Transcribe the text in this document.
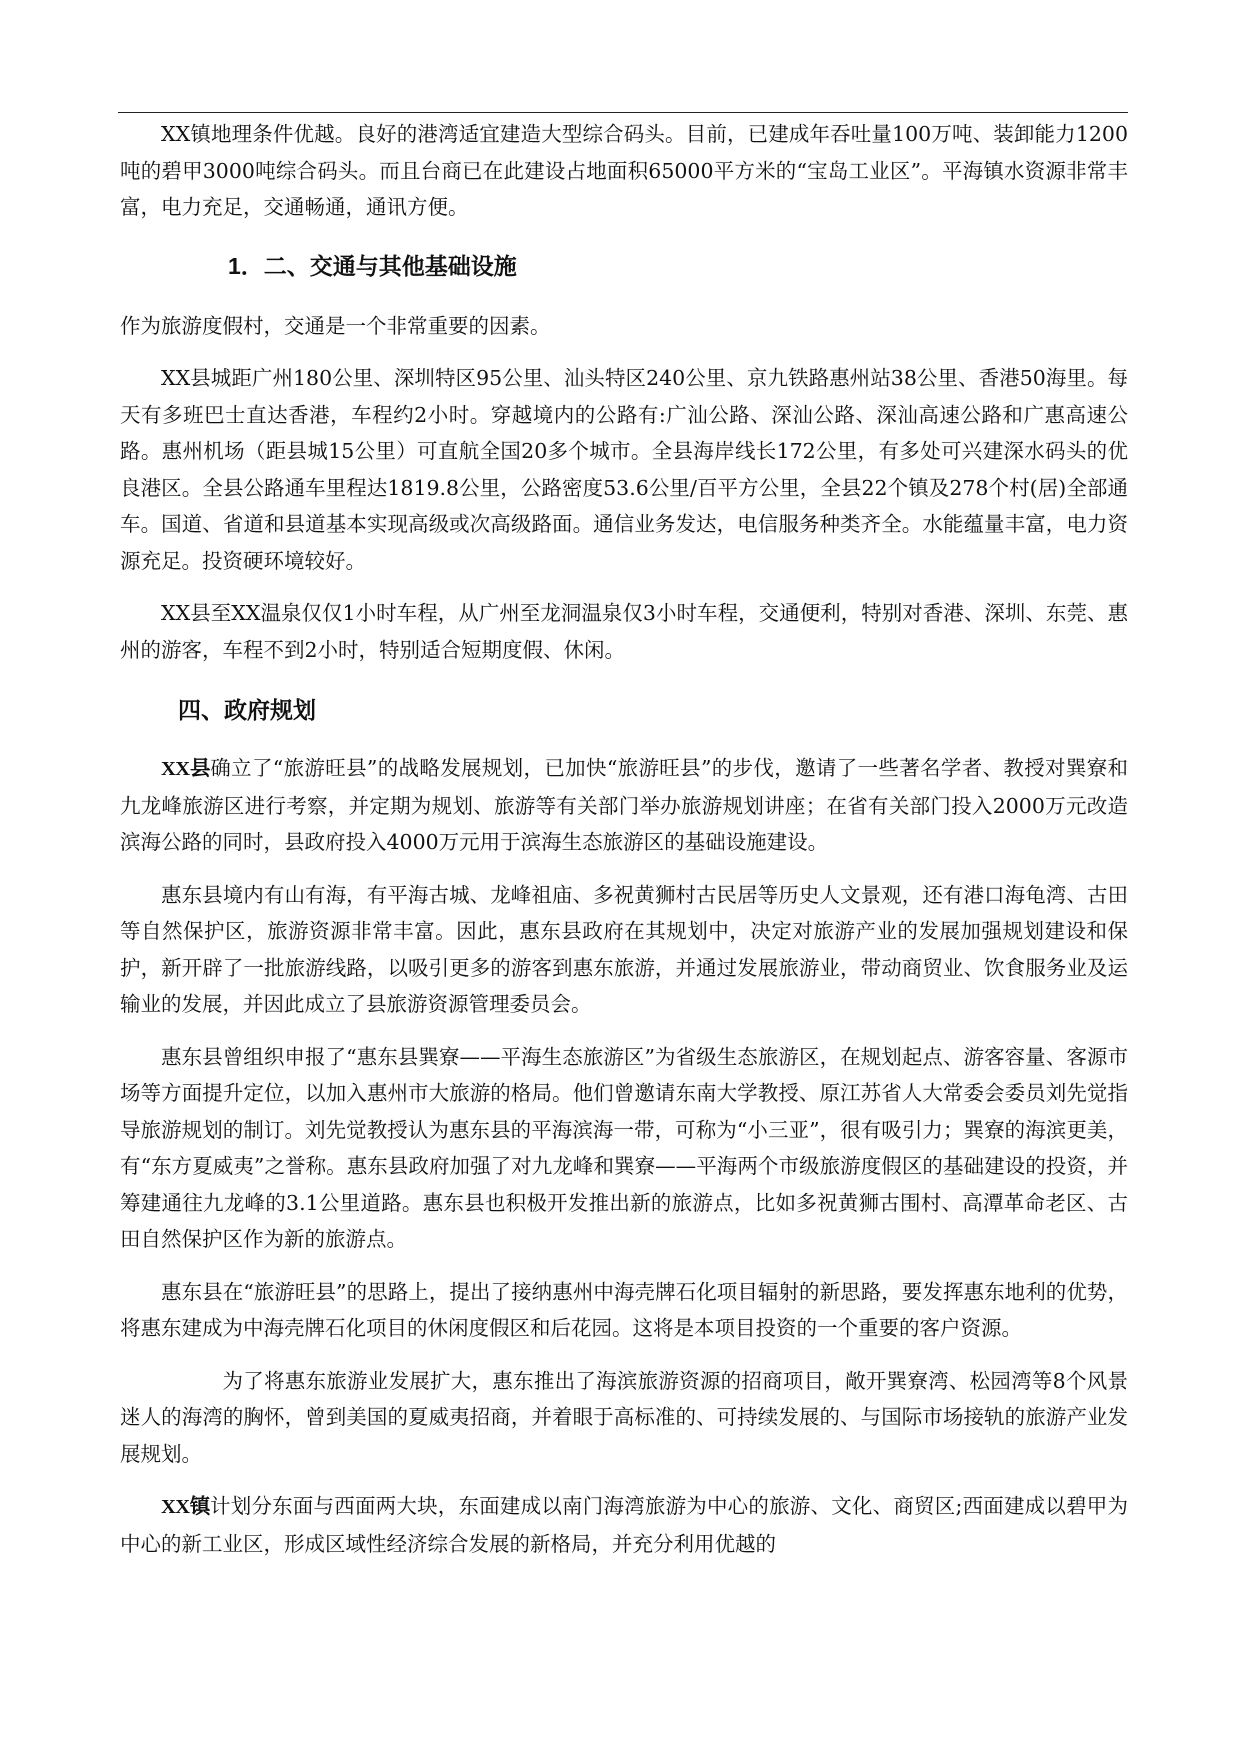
XX镇地理条件优越。良好的港湾适宜建造大型综合码头。目前，已建成年吞吐量100万吨、装卸能力1200吨的碧甲3000吨综合码头。而且台商已在此建设占地面积65000平方米的“宝岛工业区”。平海镇水资源非常丰富，电力充足，交通畅通，通讯方便。

1．二、交通与其他基础设施

作为旅游度假村，交通是一个非常重要的因素。

XX县城距广州180公里、深圳特区95公里、汕头特区240公里、京九铁路惠州站38公里、香港50海里。每天有多班巴士直达香港，车程约2小时。穿越境内的公路有:广汕公路、深汕公路、深汕高速公路和广惠高速公路。惠州机场（距县城15公里）可直航全国20多个城市。全县海岸线长172公里，有多处可兴建深水码头的优良港区。全县公路通车里程达1819.8公里，公路密度53.6公里/百平方公里，全县22个镇及278个村(居)全部通车。国道、省道和县道基本实现高级或次高级路面。通信业务发达，电信服务种类齐全。水能蕴量丰富，电力资源充足。投资硬环境较好。

XX县至XX温泉仅仅1小时车程，从广州至龙洞温泉仅3小时车程，交通便利，特别对香港、深圳、东莞、惠州的游客，车程不到2小时，特别适合短期度假、休闲。

四、政府规划

XX县确立了“旅游旺县”的战略发展规划，已加快“旅游旺县”的步伐，邀请了一些著名学者、教授对巽寮和九龙峰旅游区进行考察，并定期为规划、旅游等有关部门举办旅游规划讲座；在省有关部门投入2000万元改造滨海公路的同时，县政府投入4000万元用于滨海生态旅游区的基础设施建设。

惠东县境内有山有海，有平海古城、龙峰祖庙、多祝黄狮村古民居等历史人文景观，还有港口海龟湾、古田等自然保护区，旅游资源非常丰富。因此，惠东县政府在其规划中，决定对旅游产业的发展加强规划建设和保护，新开辟了一批旅游线路，以吸引更多的游客到惠东旅游，并通过发展旅游业，带动商贸业、饮食服务业及运输业的发展，并因此成立了县旅游资源管理委员会。

惠东县曾组织申报了“惠东县巽寮——平海生态旅游区”为省级生态旅游区，在规划起点、游客容量、客源市场等方面提升定位，以加入惠州市大旅游的格局。他们曾邀请东南大学教授、原江苏省人大常委会委员刘先觉指导旅游规划的制订。刘先觉教授认为惠东县的平海滨海一带，可称为“小三亚”，很有吸引力；巽寮的海滨更美，有“东方夏威夷”之誉称。惠东县政府加强了对九龙峰和巽寮——平海两个市级旅游度假区的基础建设的投资，并筹建通往九龙峰的3.1公里道路。惠东县也积极开发推出新的旅游点，比如多祝黄狮古围村、高潭革命老区、古田自然保护区作为新的旅游点。

惠东县在“旅游旺县”的思路上，提出了接纳惠州中海壳牌石化项目辐射的新思路，要发挥惠东地利的优势，将惠东建成为中海壳牌石化项目的休闲度假区和后花园。这将是本项目投资的一个重要的客户资源。

为了将惠东旅游业发展扩大，惠东推出了海滨旅游资源的招商项目，敞开巽寮湾、松园湾等8个风景迷人的海湾的胸怀，曾到美国的夏威夷招商，并着眼于高标准的、可持续发展的、与国际市场接轨的旅游产业发展规划。

XX镇计划分东面与西面两大块，东面建成以南门海湾旅游为中心的旅游、文化、商贸区;西面建成以碧甲为中心的新工业区，形成区域性经济综合发展的新格局，并充分利用优越的
